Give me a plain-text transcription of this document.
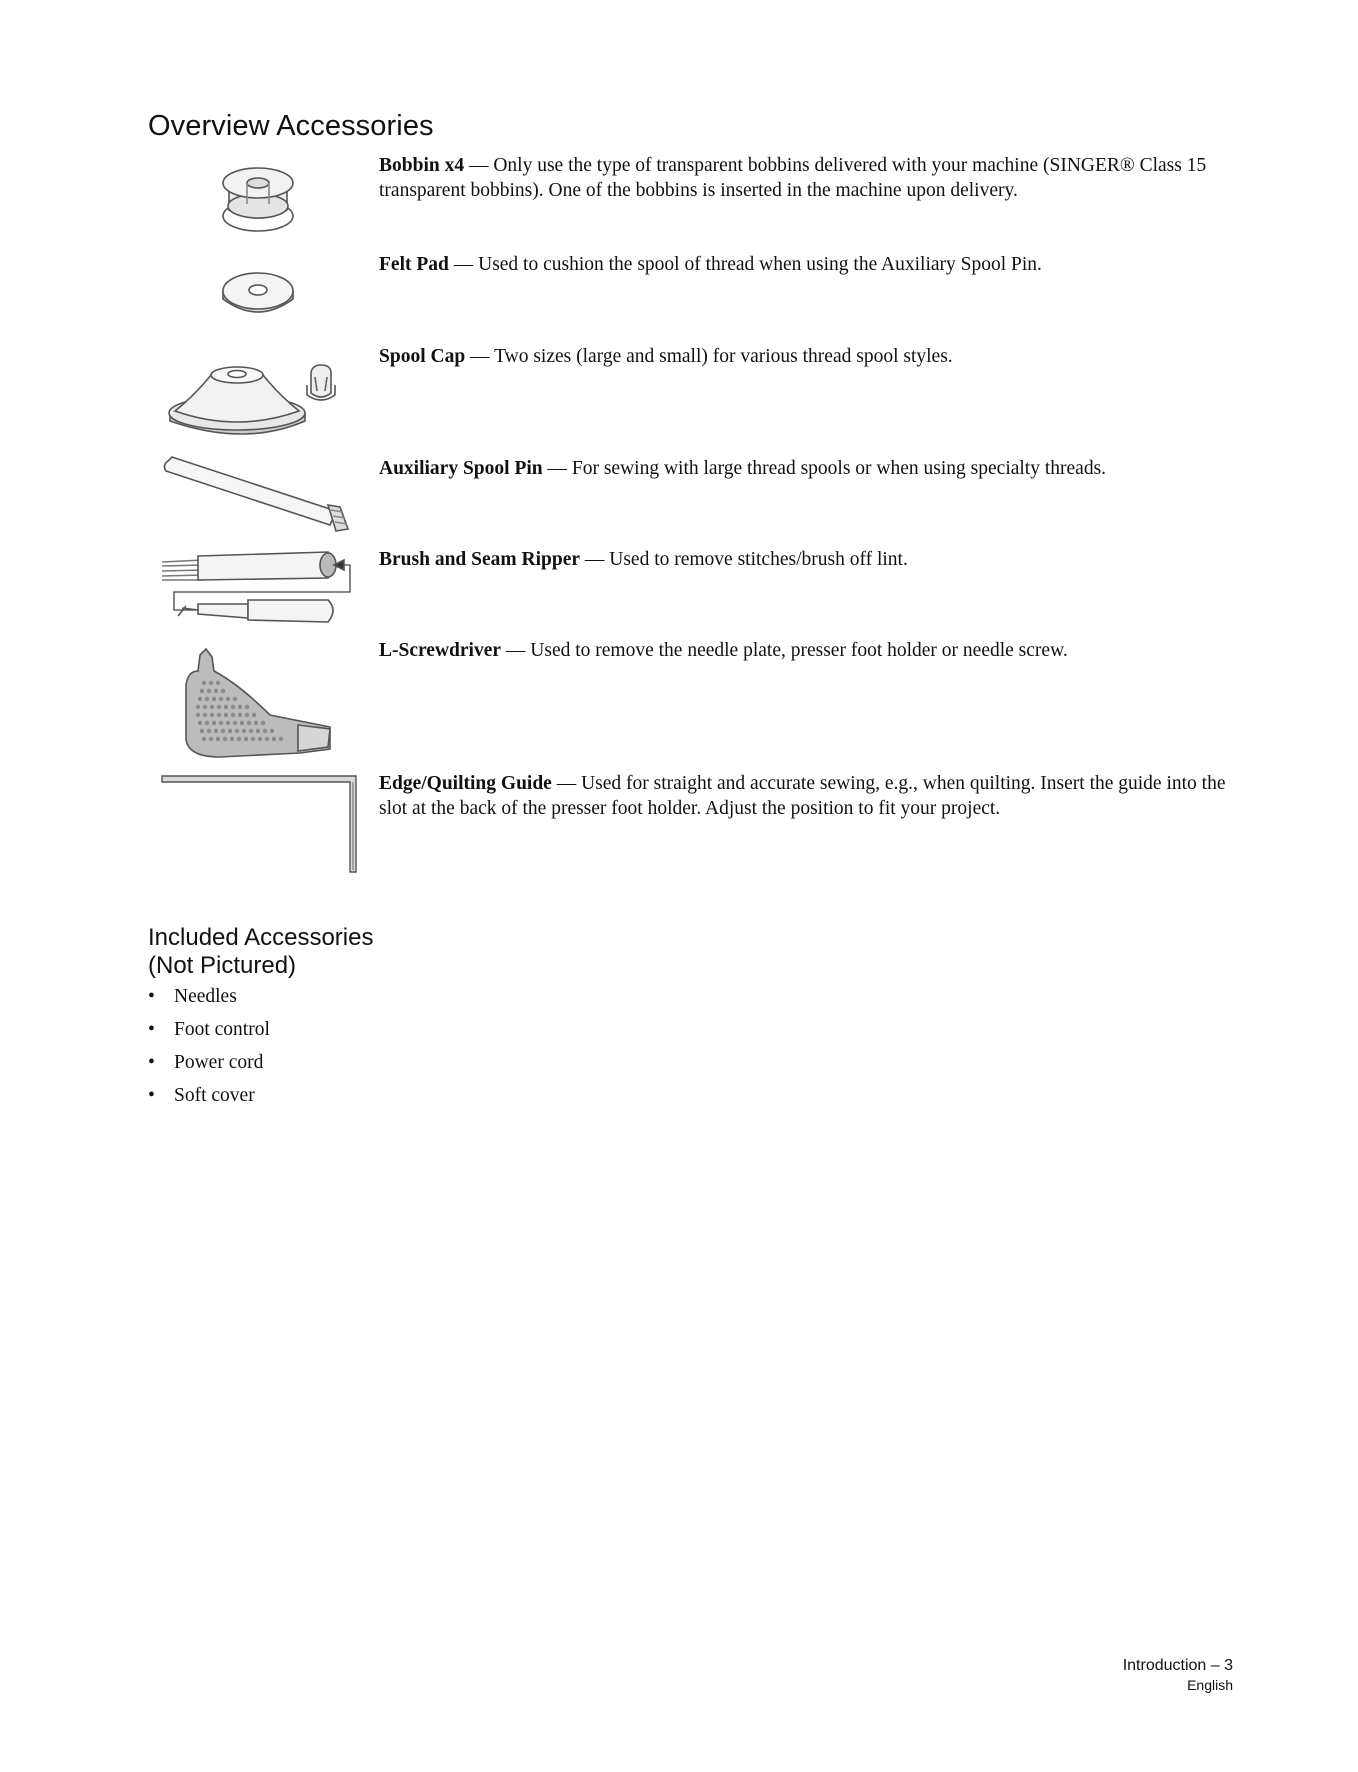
Overview Accessories

Bobbin x4 — Only use the type of transparent bobbins delivered with your machine (SINGER® Class 15 transparent bobbins). One of the bobbins is inserted in the machine upon delivery.

Felt Pad — Used to cushion the spool of thread when using the Auxiliary Spool Pin.

Spool Cap — Two sizes (large and small) for various thread spool styles.

Auxiliary Spool Pin — For sewing with large thread spools or when using specialty threads.

Brush and Seam Ripper — Used to remove stitches/brush off lint.

L-Screwdriver — Used to remove the needle plate, presser foot holder or needle screw.

Edge/Quilting Guide — Used for straight and accurate sewing, e.g., when quilting. Insert the guide into the slot at the back of the presser foot holder. Adjust the position to fit your project.

Included Accessories
(Not Pictured)
• Needles
• Foot control
• Power cord
• Soft cover
Introduction – 3
English
